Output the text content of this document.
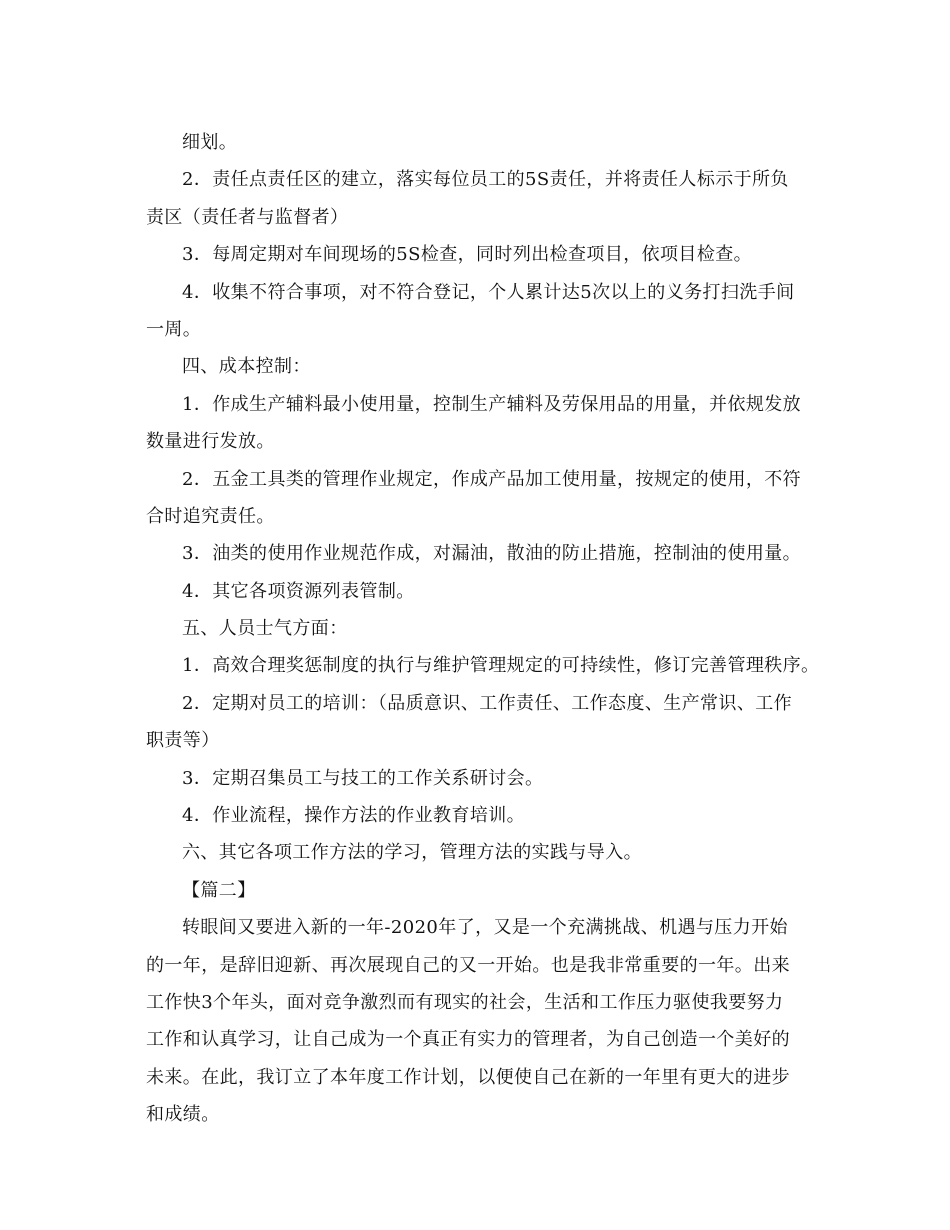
细划。
2．责任点责任区的建立，落实每位员工的5S责任，并将责任人标示于所负
责区（责任者与监督者）
3．每周定期对车间现场的5S检查，同时列出检查项目，依项目检查。
4．收集不符合事项，对不符合登记，个人累计达5次以上的义务打扫洗手间
一周。
四、成本控制：
1．作成生产辅料最小使用量，控制生产辅料及劳保用品的用量，并依规发放
数量进行发放。
2．五金工具类的管理作业规定，作成产品加工使用量，按规定的使用，不符
合时追究责任。
3．油类的使用作业规范作成，对漏油，散油的防止措施，控制油的使用量。
4．其它各项资源列表管制。
五、人员士气方面：
1．高效合理奖惩制度的执行与维护管理规定的可持续性，修订完善管理秩序。
2．定期对员工的培训：（品质意识、工作责任、工作态度、生产常识、工作
职责等）
3．定期召集员工与技工的工作关系研讨会。
4．作业流程，操作方法的作业教育培训。
六、其它各项工作方法的学习，管理方法的实践与导入。
【篇二】
转眼间又要进入新的一年-2020年了，又是一个充满挑战、机遇与压力开始
的一年，是辞旧迎新、再次展现自己的又一开始。也是我非常重要的一年。出来
工作快3个年头，面对竞争激烈而有现实的社会，生活和工作压力驱使我要努力
工作和认真学习，让自己成为一个真正有实力的管理者，为自己创造一个美好的
未来。在此，我订立了本年度工作计划，以便使自己在新的一年里有更大的进步
和成绩。
